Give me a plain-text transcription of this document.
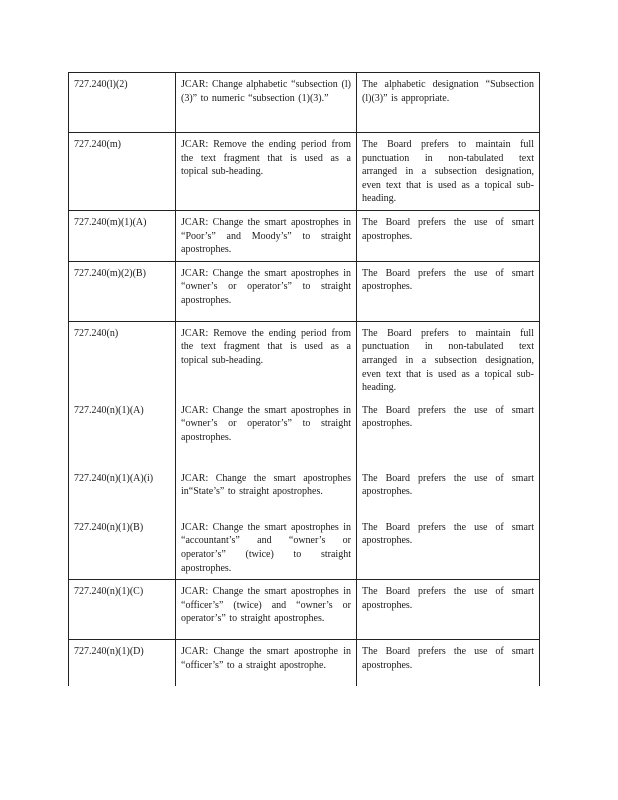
727.240(l)(2)	JCAR: Change alphabetic “subsection (l)(3)” to numeric “subsection (1)(3).”	The alphabetic designation “Subsection (l)(3)” is appropriate.
727.240(m)	JCAR: Remove the ending period from the text fragment that is used as a topical sub-heading.	The Board prefers to maintain full punctuation in non-tabulated text arranged in a subsection designation, even text that is used as a topical sub-heading.
727.240(m)(1)(A)	JCAR: Change the smart apostrophes in “Poor’s” and Moody’s” to straight apostrophes.	The Board prefers the use of smart apostrophes.
727.240(m)(2)(B)	JCAR: Change the smart apostrophes in “owner’s or operator’s” to straight apostrophes.	The Board prefers the use of smart apostrophes.
727.240(n)	JCAR: Remove the ending period from the text fragment that is used as a topical sub-heading.	The Board prefers to maintain full punctuation in non-tabulated text arranged in a subsection designation, even text that is used as a topical sub-heading.
727.240(n)(1)(A)	JCAR: Change the smart apostrophes in “owner’s or operator’s” to straight apostrophes.	The Board prefers the use of smart apostrophes.
727.240(n)(1)(A)(i)	JCAR: Change the smart apostrophes in“State’s” to straight apostrophes.	The Board prefers the use of smart apostrophes.
727.240(n)(1)(B)	JCAR: Change the smart apostrophes in “accountant’s” and “owner’s or operator’s” (twice) to straight apostrophes.	The Board prefers the use of smart apostrophes.
727.240(n)(1)(C)	JCAR: Change the smart apostrophes in “officer’s” (twice) and “owner’s or operator’s” to straight apostrophes.	The Board prefers the use of smart apostrophes.
727.240(n)(1)(D)	JCAR: Change the smart apostrophe in “officer’s” to a straight apostrophe.	The Board prefers the use of smart apostrophes.
